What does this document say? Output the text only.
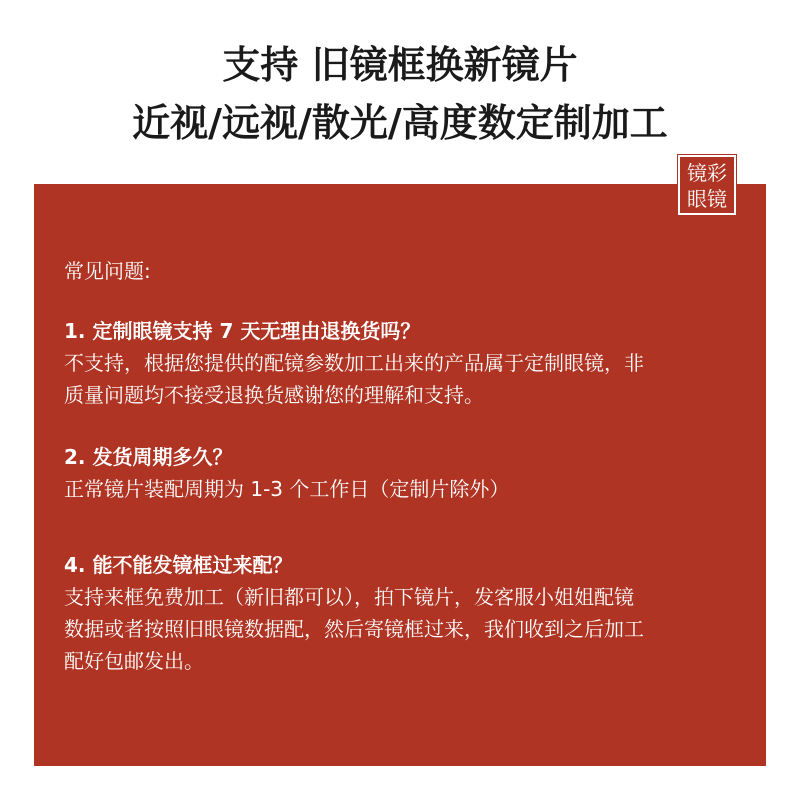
支持 旧镜框换新镜片
近视/远视/散光/高度数定制加工
镜彩
眼镜
常见问题:
1. 定制眼镜支持 7 天无理由退换货吗？
不支持，根据您提供的配镜参数加工出来的产品属于定制眼镜，非
质量问题均不接受退换货感谢您的理解和支持。
2. 发货周期多久？
正常镜片装配周期为 1-3 个工作日（定制片除外）
4. 能不能发镜框过来配？
支持来框免费加工（新旧都可以），拍下镜片，发客服小姐姐配镜
数据或者按照旧眼镜数据配，然后寄镜框过来，我们收到之后加工
配好包邮发出。
